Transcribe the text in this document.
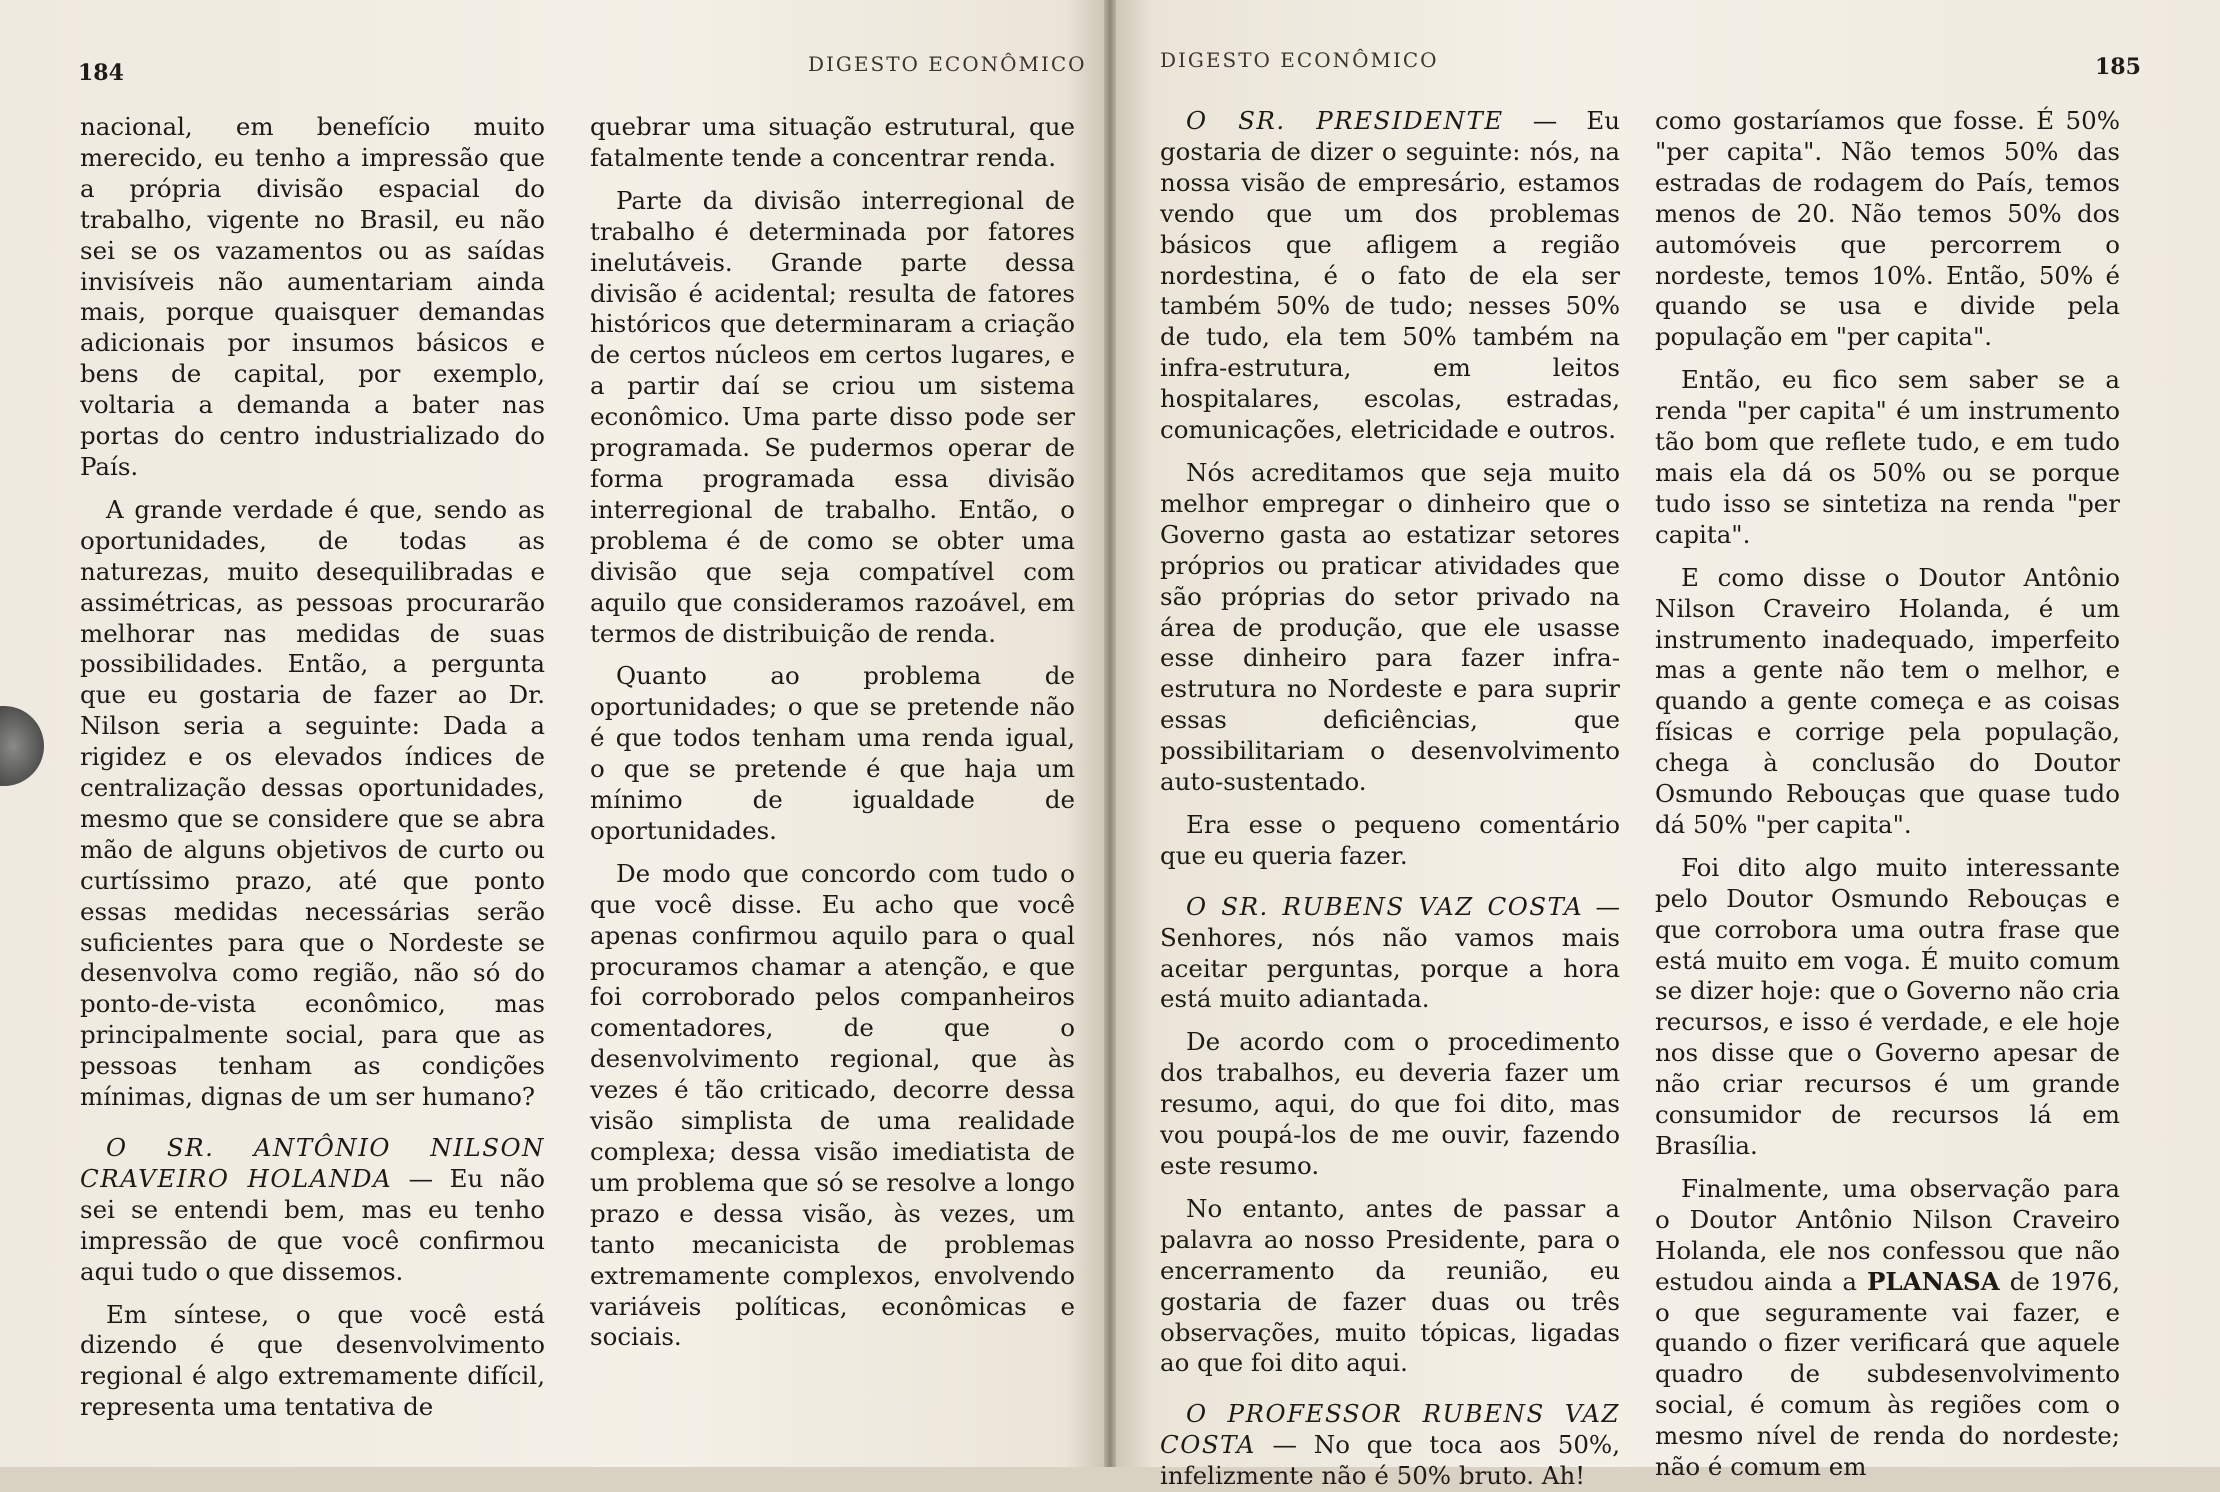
184	DIGESTO ECONÔMICO

nacional, em benefício muito merecido, eu tenho a impressão que a própria divisão espacial do trabalho, vigente no Brasil, eu não sei se os vazamentos ou as saídas invisíveis não aumentariam ainda mais, porque quaisquer demandas adicionais por insumos básicos e bens de capital, por exemplo, voltaria a demanda a bater nas portas do centro industrializado do País.

A grande verdade é que, sendo as oportunidades, de todas as naturezas, muito desequilibradas e assimétricas, as pessoas procurarão melhorar nas medidas de suas possibilidades. Então, a pergunta que eu gostaria de fazer ao Dr. Nilson seria a seguinte: Dada a rigidez e os elevados índices de centralização dessas oportunidades, mesmo que se considere que se abra mão de alguns objetivos de curto ou curtíssimo prazo, até que ponto essas medidas necessárias serão suficientes para que o Nordeste se desenvolva como região, não só do ponto-de-vista econômico, mas principalmente social, para que as pessoas tenham as condições mínimas, dignas de um ser humano?

O SR. ANTÔNIO NILSON CRAVEIRO HOLANDA — Eu não sei se entendi bem, mas eu tenho impressão de que você confirmou aqui tudo o que dissemos.

Em síntese, o que você está dizendo é que desenvolvimento regional é algo extremamente difícil, representa uma tentativa de

quebrar uma situação estrutural, que fatalmente tende a concentrar renda.

Parte da divisão interregional de trabalho é determinada por fatores inelutáveis. Grande parte dessa divisão é acidental; resulta de fatores históricos que determinaram a criação de certos núcleos em certos lugares, e a partir daí se criou um sistema econômico. Uma parte disso pode ser programada. Se pudermos operar de forma programada essa divisão interregional de trabalho. Então, o problema é de como se obter uma divisão que seja compatível com aquilo que consideramos razoável, em termos de distribuição de renda.

Quanto ao problema de oportunidades; o que se pretende não é que todos tenham uma renda igual, o que se pretende é que haja um mínimo de igualdade de oportunidades.

De modo que concordo com tudo o que você disse. Eu acho que você apenas confirmou aquilo para o qual procuramos chamar a atenção, e que foi corroborado pelos companheiros comentadores, de que o desenvolvimento regional, que às vezes é tão criticado, decorre dessa visão simplista de uma realidade complexa; dessa visão imediatista de um problema que só se resolve a longo prazo e dessa visão, às vezes, um tanto mecanicista de problemas extremamente complexos, envolvendo variáveis políticas, econômicas e sociais.

DIGESTO ECONÔMICO	185

O SR. PRESIDENTE — Eu gostaria de dizer o seguinte: nós, na nossa visão de empresário, estamos vendo que um dos problemas básicos que afligem a região nordestina, é o fato de ela ser também 50% de tudo; nesses 50% de tudo, ela tem 50% também na infra-estrutura, em leitos hospitalares, escolas, estradas, comunicações, eletricidade e outros.

Nós acreditamos que seja muito melhor empregar o dinheiro que o Governo gasta ao estatizar setores próprios ou praticar atividades que são próprias do setor privado na área de produção, que ele usasse esse dinheiro para fazer infra-estrutura no Nordeste e para suprir essas deficiências, que possibilitariam o desenvolvimento auto-sustentado.

Era esse o pequeno comentário que eu queria fazer.

O SR. RUBENS VAZ COSTA — Senhores, nós não vamos mais aceitar perguntas, porque a hora está muito adiantada.

De acordo com o procedimento dos trabalhos, eu deveria fazer um resumo, aqui, do que foi dito, mas vou poupá-los de me ouvir, fazendo este resumo.

No entanto, antes de passar a palavra ao nosso Presidente, para o encerramento da reunião, eu gostaria de fazer duas ou três observações, muito tópicas, ligadas ao que foi dito aqui.

O PROFESSOR RUBENS VAZ COSTA — No que toca aos 50%, infelizmente não é 50% bruto. Ah!

como gostaríamos que fosse. É 50% "per capita". Não temos 50% das estradas de rodagem do País, temos menos de 20. Não temos 50% dos automóveis que percorrem o nordeste, temos 10%. Então, 50% é quando se usa e divide pela população em "per capita".

Então, eu fico sem saber se a renda "per capita" é um instrumento tão bom que reflete tudo, e em tudo mais ela dá os 50% ou se porque tudo isso se sintetiza na renda "per capita".

E como disse o Doutor Antônio Nilson Craveiro Holanda, é um instrumento inadequado, imperfeito mas a gente não tem o melhor, e quando a gente começa e as coisas físicas e corrige pela população, chega à conclusão do Doutor Osmundo Rebouças que quase tudo dá 50% "per capita".

Foi dito algo muito interessante pelo Doutor Osmundo Rebouças e que corrobora uma outra frase que está muito em voga. É muito comum se dizer hoje: que o Governo não cria recursos, e isso é verdade, e ele hoje nos disse que o Governo apesar de não criar recursos é um grande consumidor de recursos lá em Brasília.

Finalmente, uma observação para o Doutor Antônio Nilson Craveiro Holanda, ele nos confessou que não estudou ainda a PLANASA de 1976, o que seguramente vai fazer, e quando o fizer verificará que aquele quadro de subdesenvolvimento social, é comum às regiões com o mesmo nível de renda do nordeste; não é comum em
